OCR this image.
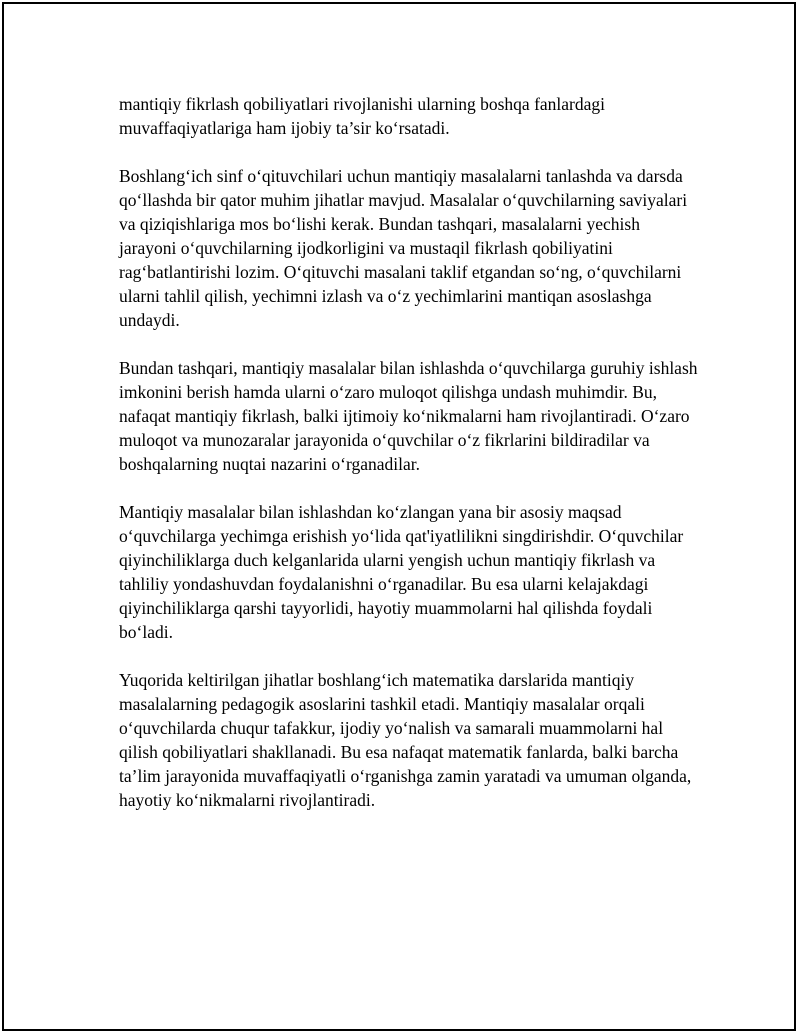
mantiqiy fikrlash qobiliyatlari rivojlanishi ularning boshqa fanlardagi muvaffaqiyatlariga ham ijobiy ta’sir ko‘rsatadi.

Boshlang‘ich sinf o‘qituvchilari uchun mantiqiy masalalarni tanlashda va darsda qo‘llashda bir qator muhim jihatlar mavjud. Masalalar o‘quvchilarning saviyalari va qiziqishlariga mos bo‘lishi kerak. Bundan tashqari, masalalarni yechish jarayoni o‘quvchilarning ijodkorligini va mustaqil fikrlash qobiliyatini rag‘batlantirishi lozim. O‘qituvchi masalani taklif etgandan so‘ng, o‘quvchilarni ularni tahlil qilish, yechimni izlash va o‘z yechimlarini mantiqan asoslashga undaydi.

Bundan tashqari, mantiqiy masalalar bilan ishlashda o‘quvchilarga guruhiy ishlash imkonini berish hamda ularni o‘zaro muloqot qilishga undash muhimdir. Bu, nafaqat mantiqiy fikrlash, balki ijtimoiy ko‘nikmalarni ham rivojlantiradi. O‘zaro muloqot va munozaralar jarayonida o‘quvchilar o‘z fikrlarini bildiradilar va boshqalarning nuqtai nazarini o‘rganadilar.

Mantiqiy masalalar bilan ishlashdan ko‘zlangan yana bir asosiy maqsad o‘quvchilarga yechimga erishish yo‘lida qat'iyatlilikni singdirishdir. O‘quvchilar qiyinchiliklarga duch kelganlarida ularni yengish uchun mantiqiy fikrlash va tahliliy yondashuvdan foydalanishni o‘rganadilar. Bu esa ularni kelajakdagi qiyinchiliklarga qarshi tayyorlidi, hayotiy muammolarni hal qilishda foydali bo‘ladi.

Yuqorida keltirilgan jihatlar boshlang‘ich matematika darslarida mantiqiy masalalarning pedagogik asoslarini tashkil etadi. Mantiqiy masalalar orqali o‘quvchilarda chuqur tafakkur, ijodiy yo‘nalish va samarali muammolarni hal qilish qobiliyatlari shakllanadi. Bu esa nafaqat matematik fanlarda, balki barcha ta’lim jarayonida muvaffaqiyatli o‘rganishga zamin yaratadi va umuman olganda, hayotiy ko‘nikmalarni rivojlantiradi.
